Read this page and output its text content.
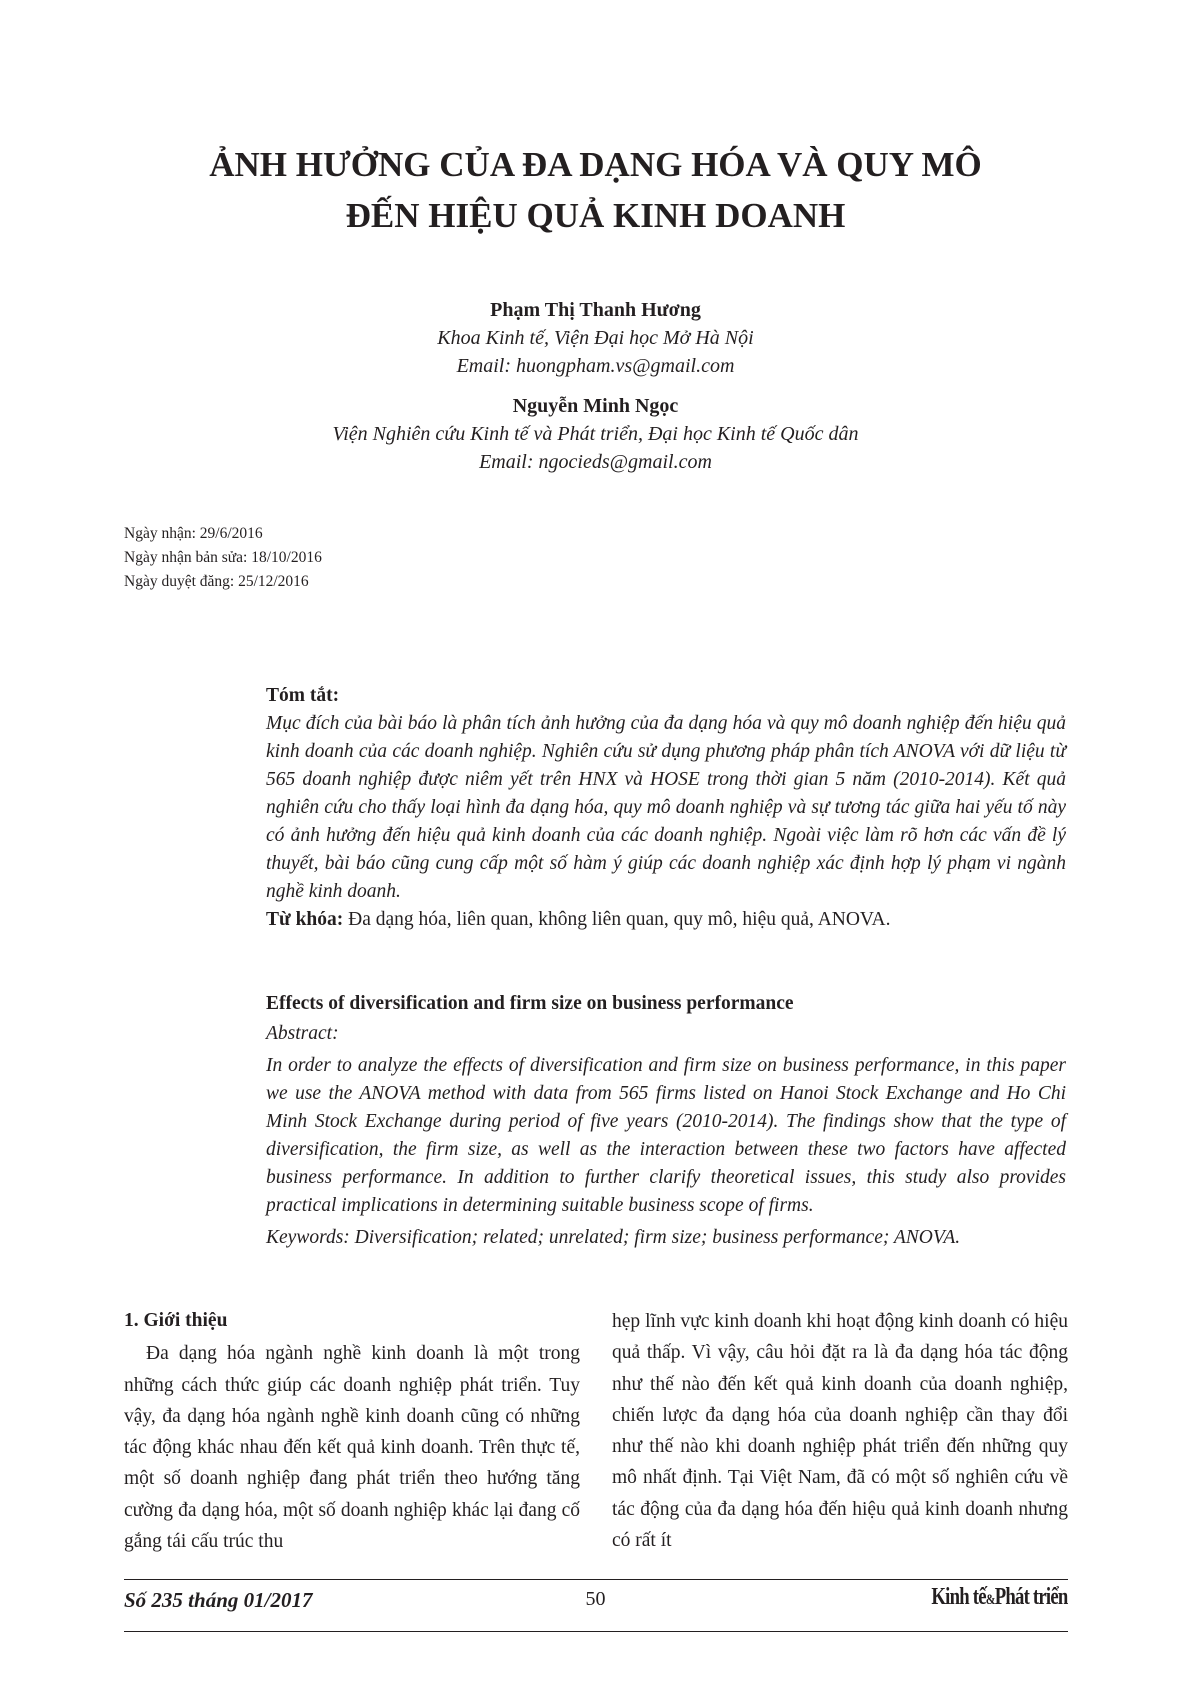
ẢNH HƯỞNG CỦA ĐA DẠNG HÓA VÀ QUY MÔ
ĐẾN HIỆU QUẢ KINH DOANH
Phạm Thị Thanh Hương
Khoa Kinh tế, Viện Đại học Mở Hà Nội
Email: huongpham.vs@gmail.com
Nguyễn Minh Ngọc
Viện Nghiên cứu Kinh tế và Phát triển, Đại học Kinh tế Quốc dân
Email: ngocieds@gmail.com
Ngày nhận: 29/6/2016
Ngày nhận bản sửa: 18/10/2016
Ngày duyệt đăng: 25/12/2016
Tóm tắt:
Mục đích của bài báo là phân tích ảnh hưởng của đa dạng hóa và quy mô doanh nghiệp đến hiệu quả kinh doanh của các doanh nghiệp. Nghiên cứu sử dụng phương pháp phân tích ANOVA với dữ liệu từ 565 doanh nghiệp được niêm yết trên HNX và HOSE trong thời gian 5 năm (2010-2014). Kết quả nghiên cứu cho thấy loại hình đa dạng hóa, quy mô doanh nghiệp và sự tương tác giữa hai yếu tố này có ảnh hưởng đến hiệu quả kinh doanh của các doanh nghiệp. Ngoài việc làm rõ hơn các vấn đề lý thuyết, bài báo cũng cung cấp một số hàm ý giúp các doanh nghiệp xác định hợp lý phạm vi ngành nghề kinh doanh.
Từ khóa: Đa dạng hóa, liên quan, không liên quan, quy mô, hiệu quả, ANOVA.
Effects of diversification and firm size on business performance
Abstract:
In order to analyze the effects of diversification and firm size on business performance, in this paper we use the ANOVA method with data from 565 firms listed on Hanoi Stock Exchange and Ho Chi Minh Stock Exchange during period of five years (2010-2014). The findings show that the type of diversification, the firm size, as well as the interaction between these two factors have affected business performance. In addition to further clarify theoretical issues, this study also provides practical implications in determining suitable business scope of firms.
Keywords: Diversification; related; unrelated; firm size; business performance; ANOVA.
1. Giới thiệu
Đa dạng hóa ngành nghề kinh doanh là một trong những cách thức giúp các doanh nghiệp phát triển. Tuy vậy, đa dạng hóa ngành nghề kinh doanh cũng có những tác động khác nhau đến kết quả kinh doanh. Trên thực tế, một số doanh nghiệp đang phát triển theo hướng tăng cường đa dạng hóa, một số doanh nghiệp khác lại đang cố gắng tái cấu trúc thu
hẹp lĩnh vực kinh doanh khi hoạt động kinh doanh có hiệu quả thấp. Vì vậy, câu hỏi đặt ra là đa dạng hóa tác động như thế nào đến kết quả kinh doanh của doanh nghiệp, chiến lược đa dạng hóa của doanh nghiệp cần thay đổi như thế nào khi doanh nghiệp phát triển đến những quy mô nhất định. Tại Việt Nam, đã có một số nghiên cứu về tác động của đa dạng hóa đến hiệu quả kinh doanh nhưng có rất ít
Số 235 tháng 01/2017	50	Kinh tế&Phát triển
